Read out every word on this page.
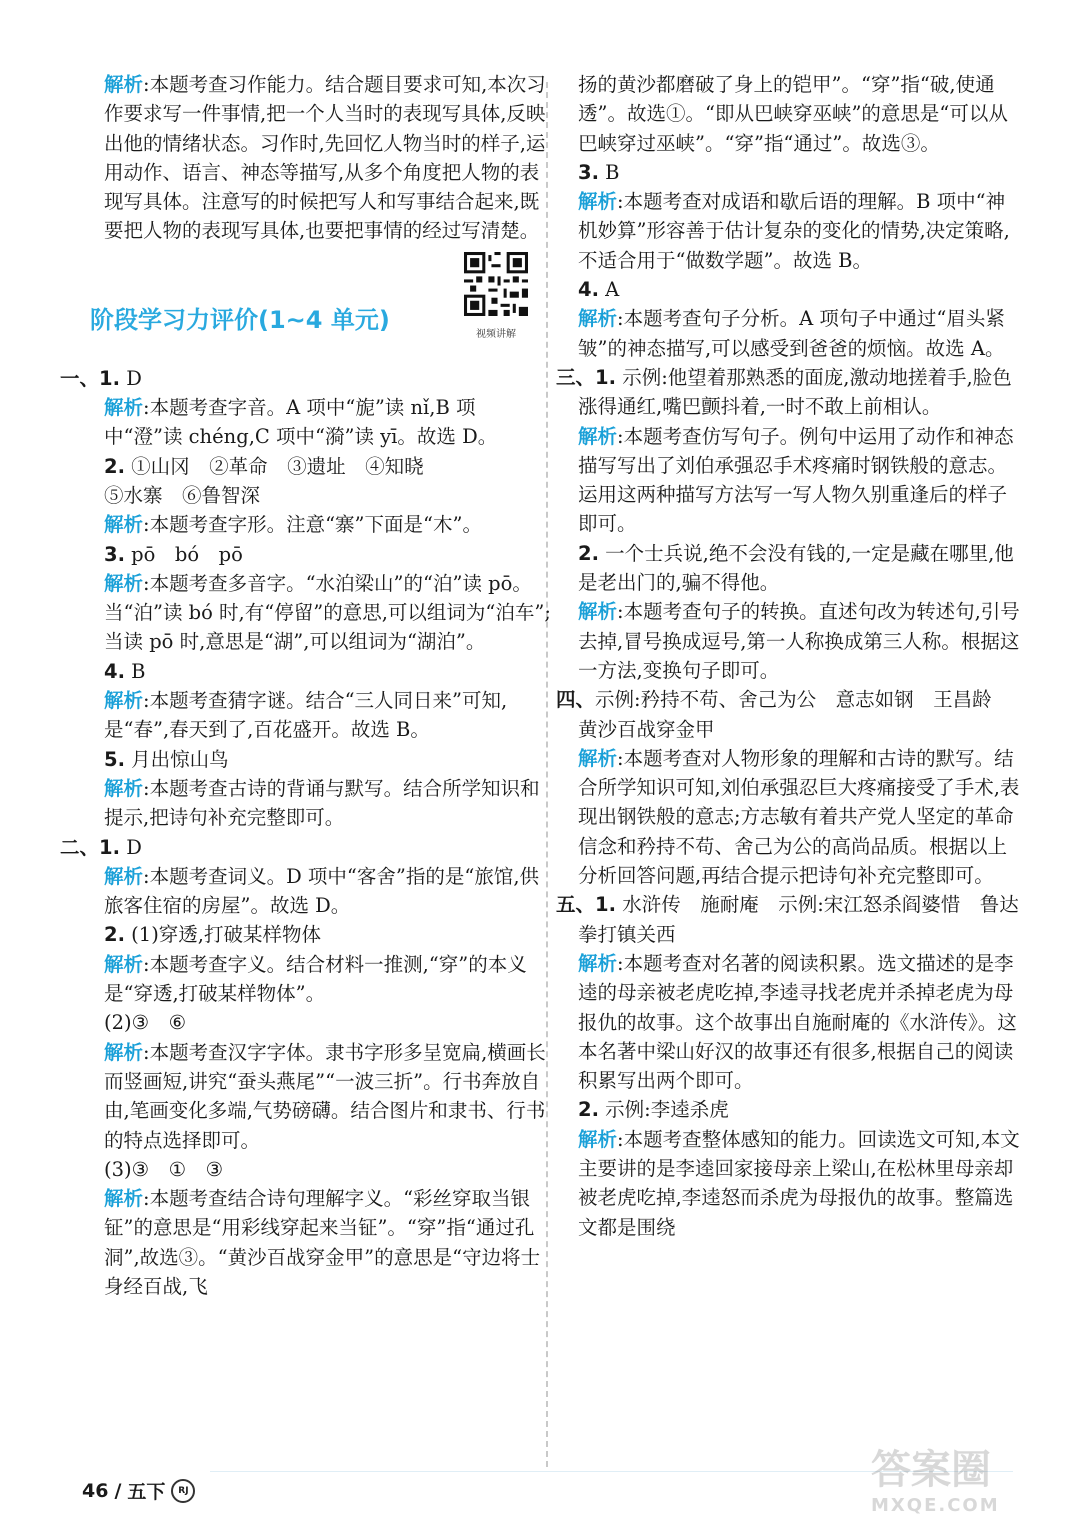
解析:本题考查习作能力。结合题目要求可知,本次习作要求写一件事情,把一个人当时的表现写具体,反映出他的情绪状态。习作时,先回忆人物当时的样子,运用动作、语言、神态等描写,从多个角度把人物的表现写具体。注意写的时候把写人和写事结合起来,既要把人物的表现写具体,也要把事情的经过写清楚。

阶段学习力评价(1~4 单元)
视频讲解

一、1. D

解析:本题考查字音。A 项中“旎”读 nǐ,B 项中“澄”读 chéng,C 项中“漪”读 yī。故选 D。

2. ①山冈　②革命　③遗址　④知晓

⑤水寨　⑥鲁智深

解析:本题考查字形。注意“寨”下面是“木”。

3. pō　bó　pō

解析:本题考查多音字。“水泊梁山”的“泊”读 pō。当“泊”读 bó 时,有“停留”的意思,可以组词为“泊车”;当读 pō 时,意思是“湖”,可以组词为“湖泊”。

4. B

解析:本题考查猜字谜。结合“三人同日来”可知,是“春”,春天到了,百花盛开。故选 B。

5. 月出惊山鸟

解析:本题考查古诗的背诵与默写。结合所学知识和提示,把诗句补充完整即可。

二、1. D

解析:本题考查词义。D 项中“客舍”指的是“旅馆,供旅客住宿的房屋”。故选 D。

2. (1)穿透,打破某样物体

解析:本题考查字义。结合材料一推测,“穿”的本义是“穿透,打破某样物体”。

(2)③　⑥

解析:本题考查汉字字体。隶书字形多呈宽扁,横画长而竖画短,讲究“蚕头燕尾”“一波三折”。行书奔放自由,笔画变化多端,气势磅礴。结合图片和隶书、行书的特点选择即可。

(3)③　①　③

解析:本题考查结合诗句理解字义。“彩丝穿取当银钲”的意思是“用彩线穿起来当钲”。“穿”指“通过孔洞”,故选③。“黄沙百战穿金甲”的意思是“守边将士身经百战,飞

扬的黄沙都磨破了身上的铠甲”。“穿”指“破,使通透”。故选①。“即从巴峡穿巫峡”的意思是“可以从巴峡穿过巫峡”。“穿”指“通过”。故选③。

3. B

解析:本题考查对成语和歇后语的理解。B 项中“神机妙算”形容善于估计复杂的变化的情势,决定策略,不适合用于“做数学题”。故选 B。

4. A

解析:本题考查句子分析。A 项句子中通过“眉头紧皱”的神态描写,可以感受到爸爸的烦恼。故选 A。

三、1. 示例:他望着那熟悉的面庞,激动地搓着手,脸色涨得通红,嘴巴颤抖着,一时不敢上前相认。

解析:本题考查仿写句子。例句中运用了动作和神态描写写出了刘伯承强忍手术疼痛时钢铁般的意志。运用这两种描写方法写一写人物久别重逢后的样子即可。

2. 一个士兵说,绝不会没有钱的,一定是藏在哪里,他是老出门的,骗不得他。

解析:本题考查句子的转换。直述句改为转述句,引号去掉,冒号换成逗号,第一人称换成第三人称。根据这一方法,变换句子即可。

四、示例:矜持不苟、舍己为公　意志如钢　王昌龄　黄沙百战穿金甲

解析:本题考查对人物形象的理解和古诗的默写。结合所学知识可知,刘伯承强忍巨大疼痛接受了手术,表现出钢铁般的意志;方志敏有着共产党人坚定的革命信念和矜持不苟、舍己为公的高尚品质。根据以上分析回答问题,再结合提示把诗句补充完整即可。

五、1. 水浒传　施耐庵　示例:宋江怒杀阎婆惜　鲁达拳打镇关西

解析:本题考查对名著的阅读积累。选文描述的是李逵的母亲被老虎吃掉,李逵寻找老虎并杀掉老虎为母报仇的故事。这个故事出自施耐庵的《水浒传》。这本名著中梁山好汉的故事还有很多,根据自己的阅读积累写出两个即可。

2. 示例:李逵杀虎

解析:本题考查整体感知的能力。回读选文可知,本文主要讲的是李逵回家接母亲上梁山,在松林里母亲却被老虎吃掉,李逵怒而杀虎为母报仇的故事。整篇选文都是围绕

46 / 五下	RJ	答案圈
MXQE.COM
